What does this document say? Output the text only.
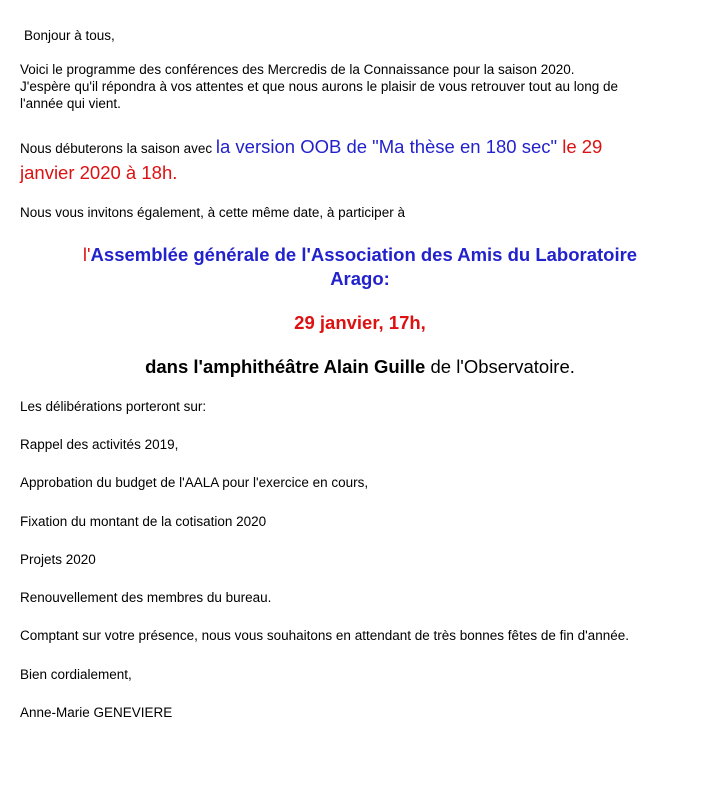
Bonjour à tous,

Voici le programme des conférences des Mercredis de la Connaissance pour la saison 2020.
J'espère qu'il répondra à vos attentes et que nous aurons le plaisir de vous retrouver tout au long de
l'année qui vient.
Nous débuterons la saison avec la version OOB de "Ma thèse en 180 sec" le 29
janvier 2020 à 18h.

Nous vous invitons également, à cette même date, à participer à

l'Assemblée générale de l'Association des Amis du Laboratoire
Arago:
29 janvier, 17h,
dans l'amphithéâtre Alain Guille de l'Observatoire.

Les délibérations porteront sur:

Rappel des activités 2019,

Approbation du budget de l'AALA pour l'exercice en cours,

Fixation du montant de la cotisation 2020

Projets 2020

Renouvellement des membres du bureau.

Comptant sur votre présence, nous vous souhaitons en attendant de très bonnes fêtes de fin d'année.

Bien cordialement,

Anne-Marie GENEVIERE
